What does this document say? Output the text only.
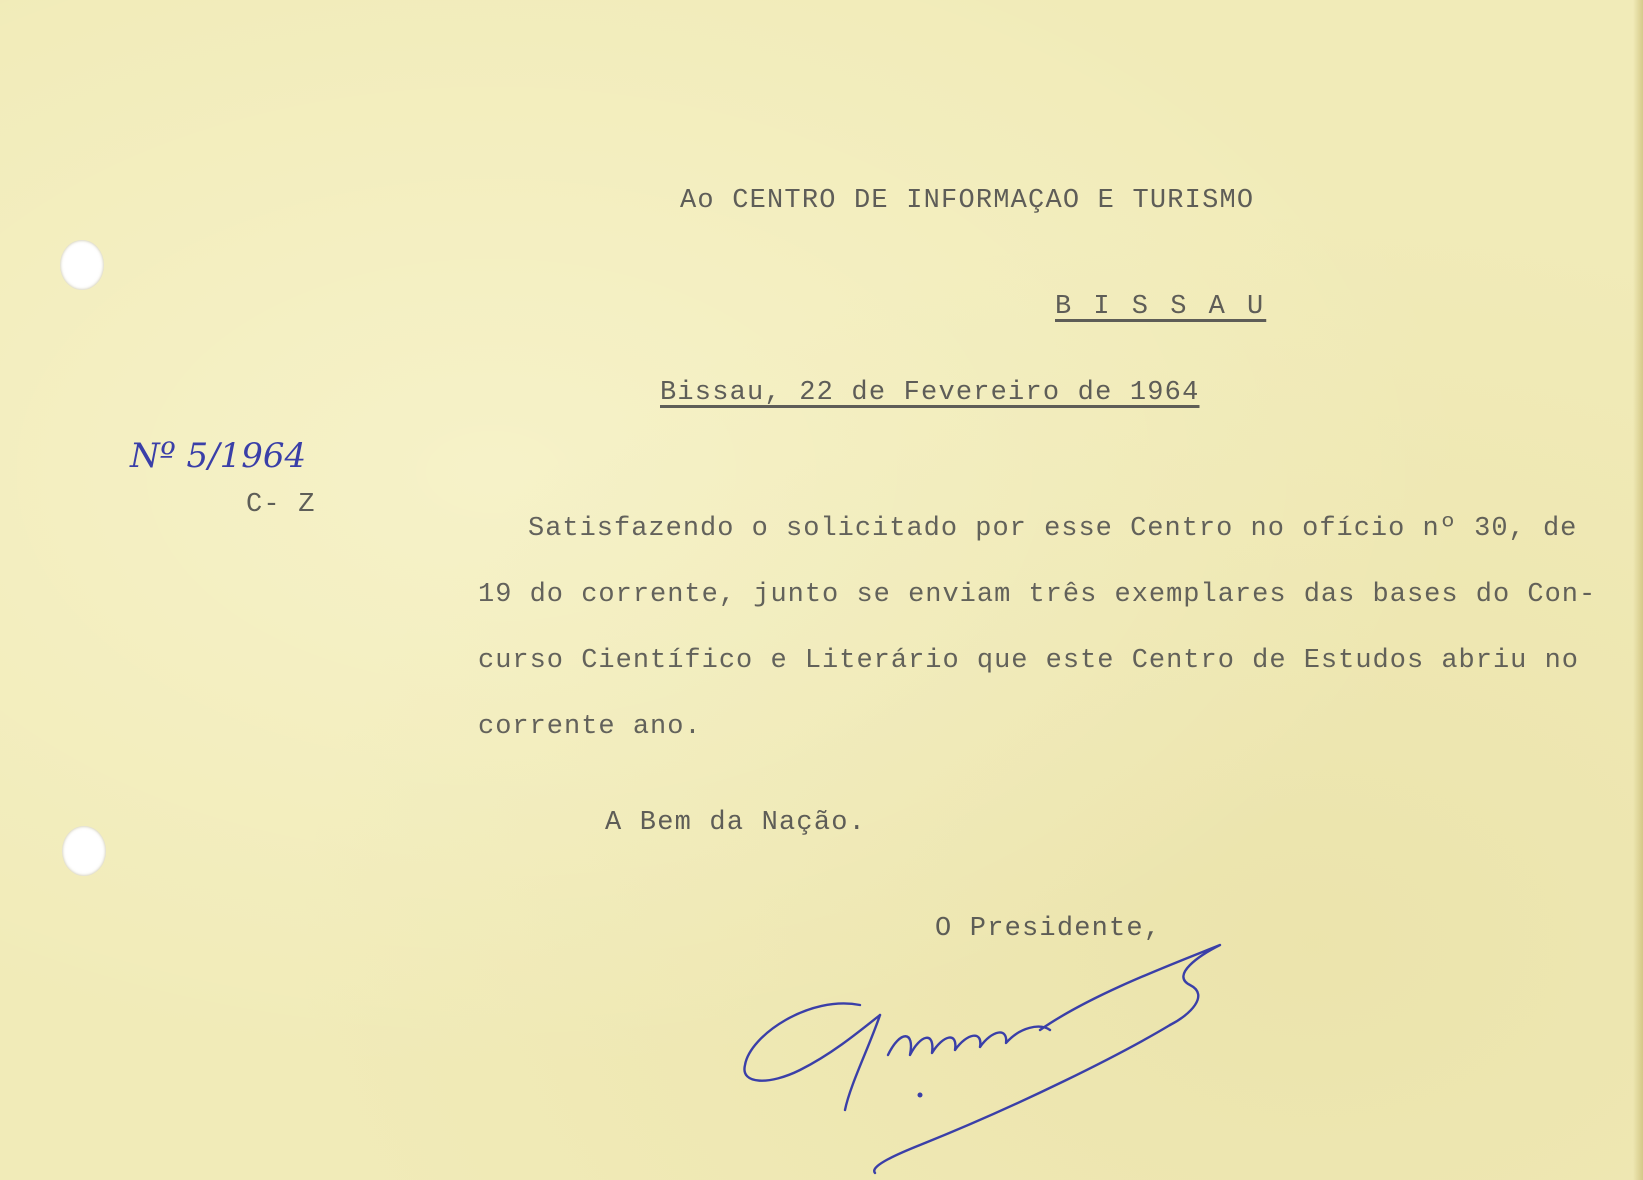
Ao CENTRO DE INFORMAÇAO E TURISMO
B I S S A U
Bissau, 22 de Fevereiro de 1964
Nº 5/1964
C- Z
Satisfazendo o solicitado por esse Centro no ofício nº 30, de
19 do corrente, junto se enviam três exemplares das bases do Con-
curso Científico e Literário que este Centro de Estudos abriu no
corrente ano.
A Bem da Nação.
O Presidente,
